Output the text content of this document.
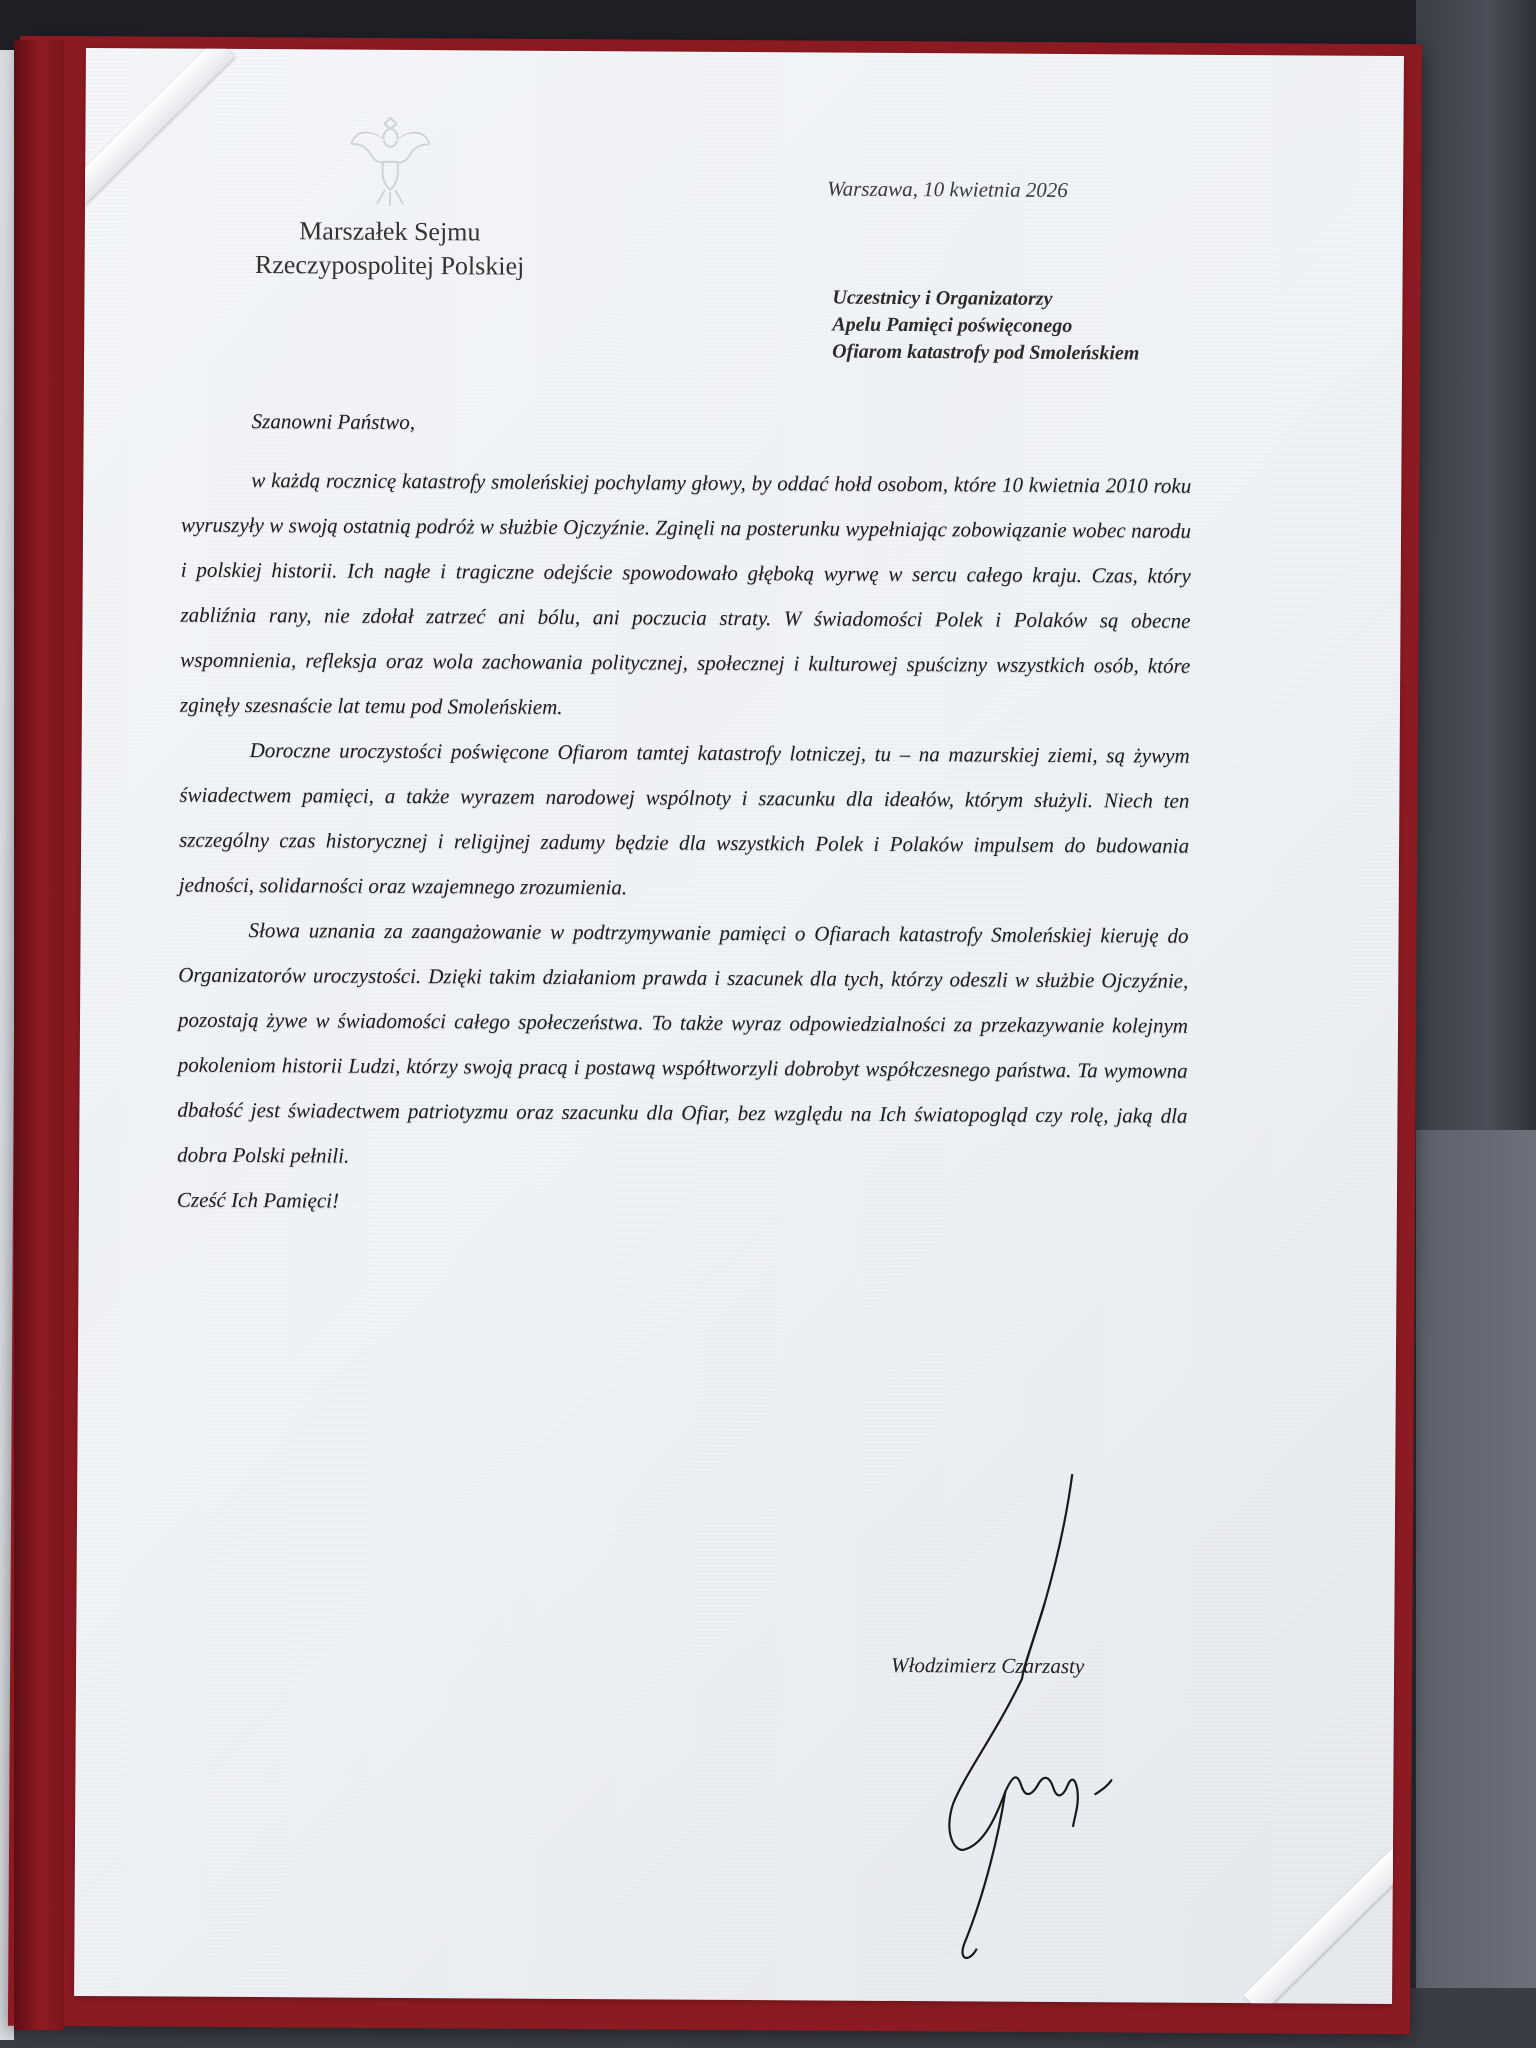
Marszałek Sejmu
Rzeczypospolitej Polskiej
Warszawa, 10 kwietnia 2026
Uczestnicy i Organizatorzy
Apelu Pamięci poświęconego
Ofiarom katastrofy pod Smoleńskiem
Szanowni Państwo,

w każdą rocznicę katastrofy smoleńskiej pochylamy głowy, by oddać hołd osobom, które 10 kwietnia 2010 roku wyruszyły w swoją ostatnią podróż w służbie Ojczyźnie. Zginęli na posterunku wypełniając zobowiązanie wobec narodu i polskiej historii. Ich nagłe i tragiczne odejście spowodowało głęboką wyrwę w sercu całego kraju. Czas, który zabliźnia rany, nie zdołał zatrzeć ani bólu, ani poczucia straty. W świadomości Polek i Polaków są obecne wspomnienia, refleksja oraz wola zachowania politycznej, społecznej i kulturowej spuścizny wszystkich osób, które zginęły szesnaście lat temu pod Smoleńskiem.

Doroczne uroczystości poświęcone Ofiarom tamtej katastrofy lotniczej, tu – na mazurskiej ziemi, są żywym świadectwem pamięci, a także wyrazem narodowej wspólnoty i szacunku dla ideałów, którym służyli. Niech ten szczególny czas historycznej i religijnej zadumy będzie dla wszystkich Polek i Polaków impulsem do budowania jedności, solidarności oraz wzajemnego zrozumienia.

Słowa uznania za zaangażowanie w podtrzymywanie pamięci o Ofiarach katastrofy Smoleńskiej kieruję do Organizatorów uroczystości. Dzięki takim działaniom prawda i szacunek dla tych, którzy odeszli w służbie Ojczyźnie, pozostają żywe w świadomości całego społeczeństwa. To także wyraz odpowiedzialności za przekazywanie kolejnym pokoleniom historii Ludzi, którzy swoją pracą i postawą współtworzyli dobrobyt współczesnego państwa. Ta wymowna dbałość jest świadectwem patriotyzmu oraz szacunku dla Ofiar, bez względu na Ich światopogląd czy rolę, jaką dla dobra Polski pełnili.

Cześć Ich Pamięci!

Włodzimierz Czarzasty
